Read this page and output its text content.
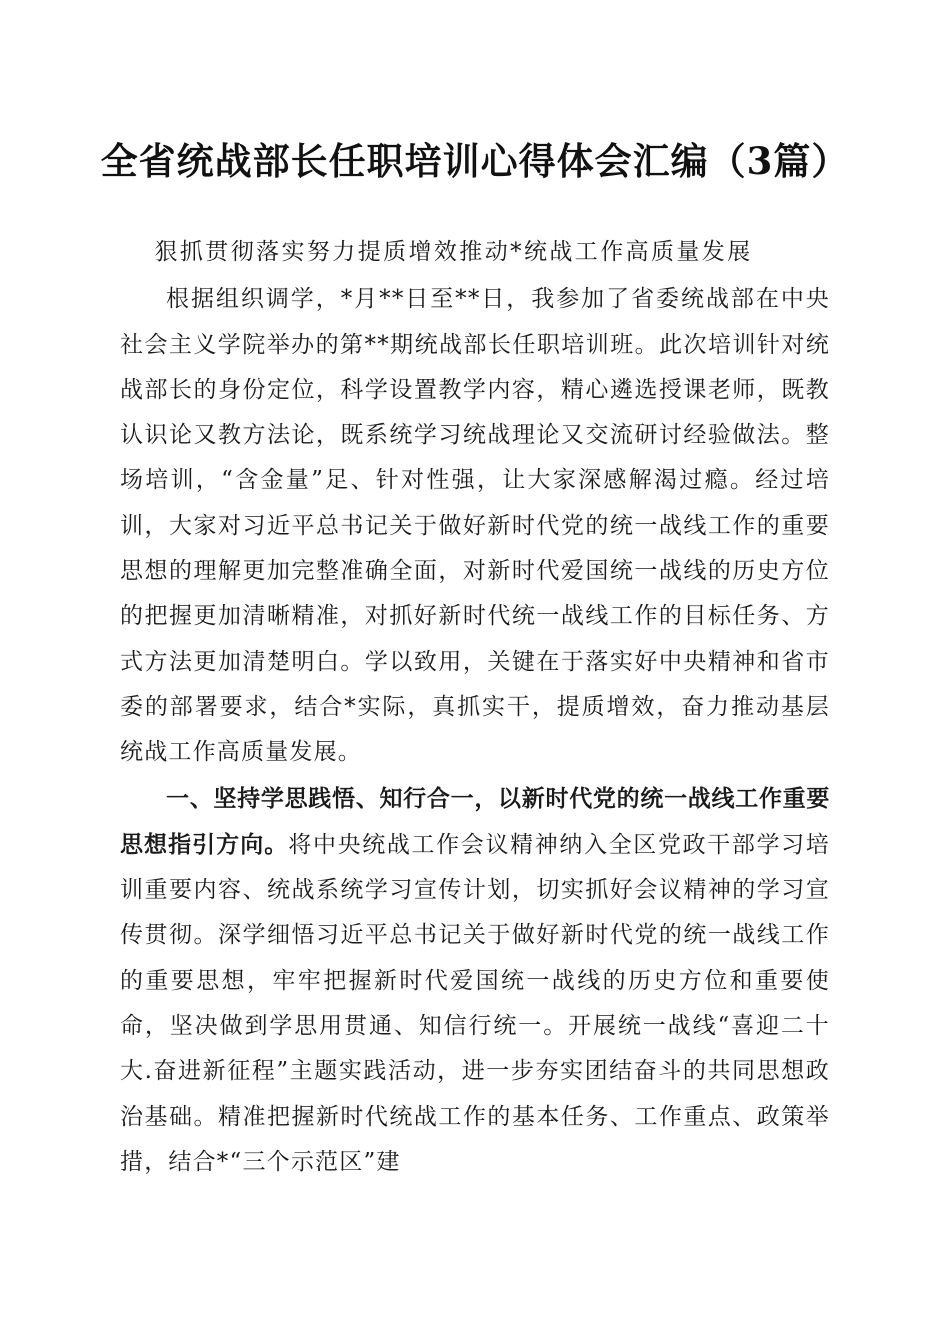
全省统战部长任职培训心得体会汇编（3篇）

狠抓贯彻落实努力提质增效推动*统战工作高质量发展

根据组织调学，*月**日至**日，我参加了省委统战部在中央社会主义学院举办的第**期统战部长任职培训班。此次培训针对统战部长的身份定位，科学设置教学内容，精心遴选授课老师，既教认识论又教方法论，既系统学习统战理论又交流研讨经验做法。整场培训，“含金量”足、针对性强，让大家深感解渴过瘾。经过培训，大家对习近平总书记关于做好新时代党的统一战线工作的重要思想的理解更加完整准确全面，对新时代爱国统一战线的历史方位的把握更加清晰精准，对抓好新时代统一战线工作的目标任务、方式方法更加清楚明白。学以致用，关键在于落实好中央精神和省市委的部署要求，结合*实际，真抓实干，提质增效，奋力推动基层统战工作高质量发展。

一、坚持学思践悟、知行合一，以新时代党的统一战线工作重要思想指引方向。将中央统战工作会议精神纳入全区党政干部学习培训重要内容、统战系统学习宣传计划，切实抓好会议精神的学习宣传贯彻。深学细悟习近平总书记关于做好新时代党的统一战线工作的重要思想，牢牢把握新时代爱国统一战线的历史方位和重要使命，坚决做到学思用贯通、知信行统一。开展统一战线“喜迎二十大.奋进新征程”主题实践活动，进一步夯实团结奋斗的共同思想政治基础。精准把握新时代统战工作的基本任务、工作重点、政策举措，结合*“三个示范区”建
